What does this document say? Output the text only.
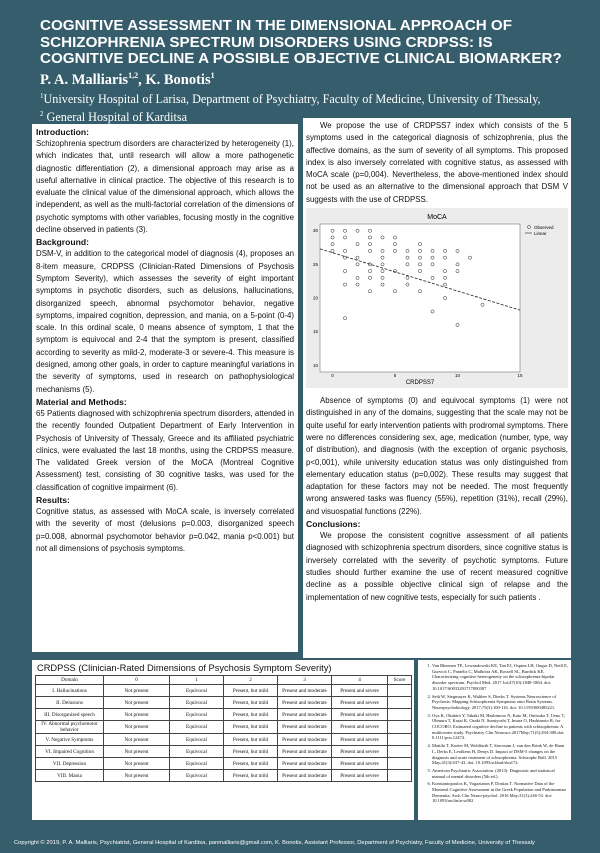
COGNITIVE ASSESSMENT IN THE DIMENSIONAL APPROACH OF SCHIZOPHRENIA SPECTRUM DISORDERS USING CRDPSS: IS COGNITIVE DECLINE A POSSIBLE OBJECTIVE CLINICAL BIOMARKER?
P. A. Malliaris$^{1,2}$, K. Bonotis$^1$
$^1$University Hospital of Larisa, Department of Psychiatry, Faculty of Medicine, University of Thessaly,
$^2$ General Hospital of Karditsa
Introduction:

Schizophrenia spectrum disorders are characterized by heterogeneity (1), which indicates that, until research will allow a more pathogenetic diagnostic differentiation (2), a dimensional approach may arise as a useful alternative in clinical practice. The objective of this research is to evaluate the clinical value of the dimensional approach, which allows the independent, as well as the multi-factorial correlation of the dimensions of psychotic symptoms with other variables, focusing mostly in the cognitive decline observed in patients (3).

Background:

DSM-V, in addition to the categorical model of diagnosis (4), proposes an 8-item measure, CRDPSS (Clinician-Rated Dimensions of Psychosis Symptom Severity), which assesses the severity of eight important symptoms in psychotic disorders, such as delusions, hallucinations, disorganized speech, abnormal psychomotor behavior, negative symptoms, impaired cognition, depression, and mania, on a 5-point (0-4) scale. In this ordinal scale, 0 means absence of symptom, 1 that the symptom is equivocal and 2-4 that the symptom is present, classified according to severity as mild-2, moderate-3 or severe-4. This measure is designed, among other goals, in order to capture meaningful variations in the severity of symptoms, used in research on pathophysiological mechanisms (5).

Material and Methods:

65 Patients diagnosed with schizophrenia spectrum disorders, attended in the recently founded Outpatient Department of Early Intervention in Psychosis of University of Thessaly, Greece and its affiliated psychiatric clinics, were evaluated the last 18 months, using the CRDPSS measure. The validated Greek version of the MoCA (Montreal Cognitive Assessment) test, consisting of 30 cognitive tasks, was used for the classification of cognitive impairment (6).

Results:

Cognitive status, as assessed with MoCA scale, is inversely correlated with the severity of most (delusions p=0.003, disorganized speech p=0.008, abnormal psychomotor behavior p=0.042, mania p<0.001) but not all dimensions of psychosis symptoms.

We propose the use of CRDPSS7 index which consists of the 5 symptoms used in the categorical diagnosis of schizophrenia, plus the affective domains, as the sum of severity of all symptoms. This proposed index is also inversely correlated with cognitive status, as assessed with MoCA scale (p=0,004). Nevertheless, the above-mentioned index should not be used as an alternative to the dimensional approach that DSM V suggests with the use of CRDPSS.

MoCA
0	5	10	15
10
15
20
25
30
Observed
Linear
CRDPSS7

Absence of symptoms (0) and equivocal symptoms (1) were not distinguished in any of the domains, suggesting that the scale may not be quite useful for early intervention patients with prodromal symptoms. There were no differences considering sex, age, medication (number, type, way of distribution), and diagnosis (with the exception of organic psychosis, p<0,001), while university education status was only distinguished from elementary education status (p=0,002). These results may suggest that adaptation for these factors may not be needed. The most frequently wrong answered tasks was fluency (55%), repetition (31%), recall (29%), and visuospatial functions (22%).

Conclusions:

We propose the consistent cognitive assessment of all patients diagnosed with schizophrenia spectrum disorders, since cognitive status is inversely correlated with the severity of psychotic symptoms. Future studies should further examine the use of recent measured cognitive decline as a possible objective clinical sign of relapse and the implementation of new cognitive tests, especially for such patients .

CRDPSS (Clinician-Rated Dimensions of Psychosis Symptom Severity)
Domain	0	1	2	3	4	Score
I. Hallucinations	Not present	Equivocal	Present, but mild	Present and moderate	Present and severe	
II. Delusions	Not present	Equivocal	Present, but mild	Present and moderate	Present and severe	
III. Disorganized speech	Not present	Equivocal	Present, but mild	Present and moderate	Present and severe	
IV. Abnormal psychomotor behavior	Not present	Equivocal	Present, but mild	Present and moderate	Present and severe	
V. Negative Symptoms	Not present	Equivocal	Present, but mild	Present and moderate	Present and severe	
VI. Impaired Cognition	Not present	Equivocal	Present, but mild	Present and moderate	Present and severe	
VII. Depression	Not present	Equivocal	Present, but mild	Present and moderate	Present and severe	
VIII. Mania	Not present	Equivocal	Present, but mild	Present and moderate	Present and severe	
1. Van Rheenen TE, Lewandowski KE, Tan EJ, Ospina LH, Ongur D, Neill E, Gurvich C, Pantelis C, Malhotra AK, Rossell SL, Burdick KE. Characterizing cognitive heterogeneity on the schizophrenia-bipolar disorder spectrum. Psychol Med. 2017 Jul;47(10):1848-1864. doi: 10.1017/S0033291717000307
2. Seth W, Stegmayer K, Walther S, Dierks T. Systems Neuroscience of Psychosis: Mapping Schizophrenia Symptoms onto Brain Systems. Neuropsychobiology. 2017;75(3):100-116. doi: 10.1159/000485221.
3. Oya K, Okabiro Y, Takaki M, Hashimoto N, Kato M, Onitsuka T, Ueno T, Ohmura T, Kasai K, Ozaki N, Sumiyoshi T, Imura O, Hashimoto R; for COCORO. Estimated cognitive decline in patients with schizophrenia: A multicenter study. Psychiatry Clin Neurosci.2017May;71(5):294-300.doi: 0.1111/pcn.12474.
4. Mattila T, Koeter M, Wohlfarth T, Storosum J, van den Brink W, de Haan L, Derks E, Leufkens H, Denys D. Impact of DSM-5 changes on the diagnosis and acute treatment of schizophrenia. Schizophr Bull. 2015 May;41(3):637-43. doi: 10.1093/schbul/sbu172.
5. American Psychiatric Association. (2013). Diagnostic and statistical manual of mental disorders (5th ed.).
6. Konstantopoulos K, Vogazianos P, Doskas T. Normative Data of the Montreal Cognitive Assessment in the Greek Population and Parkinsonian Dementia. Arch Clin Neuro-psychol. 2016 May;31(3):246-53. doi: 10.1093/arclin/acw002
Copyright © 2019, P. A. Malliaris, Psychiatrist, General Hospital of Karditsa, panmalliaris@gmail.com, K. Bonotis, Assistant Professor, Department of Psychiatry, Faculty of Medicine, University of Thessaly
